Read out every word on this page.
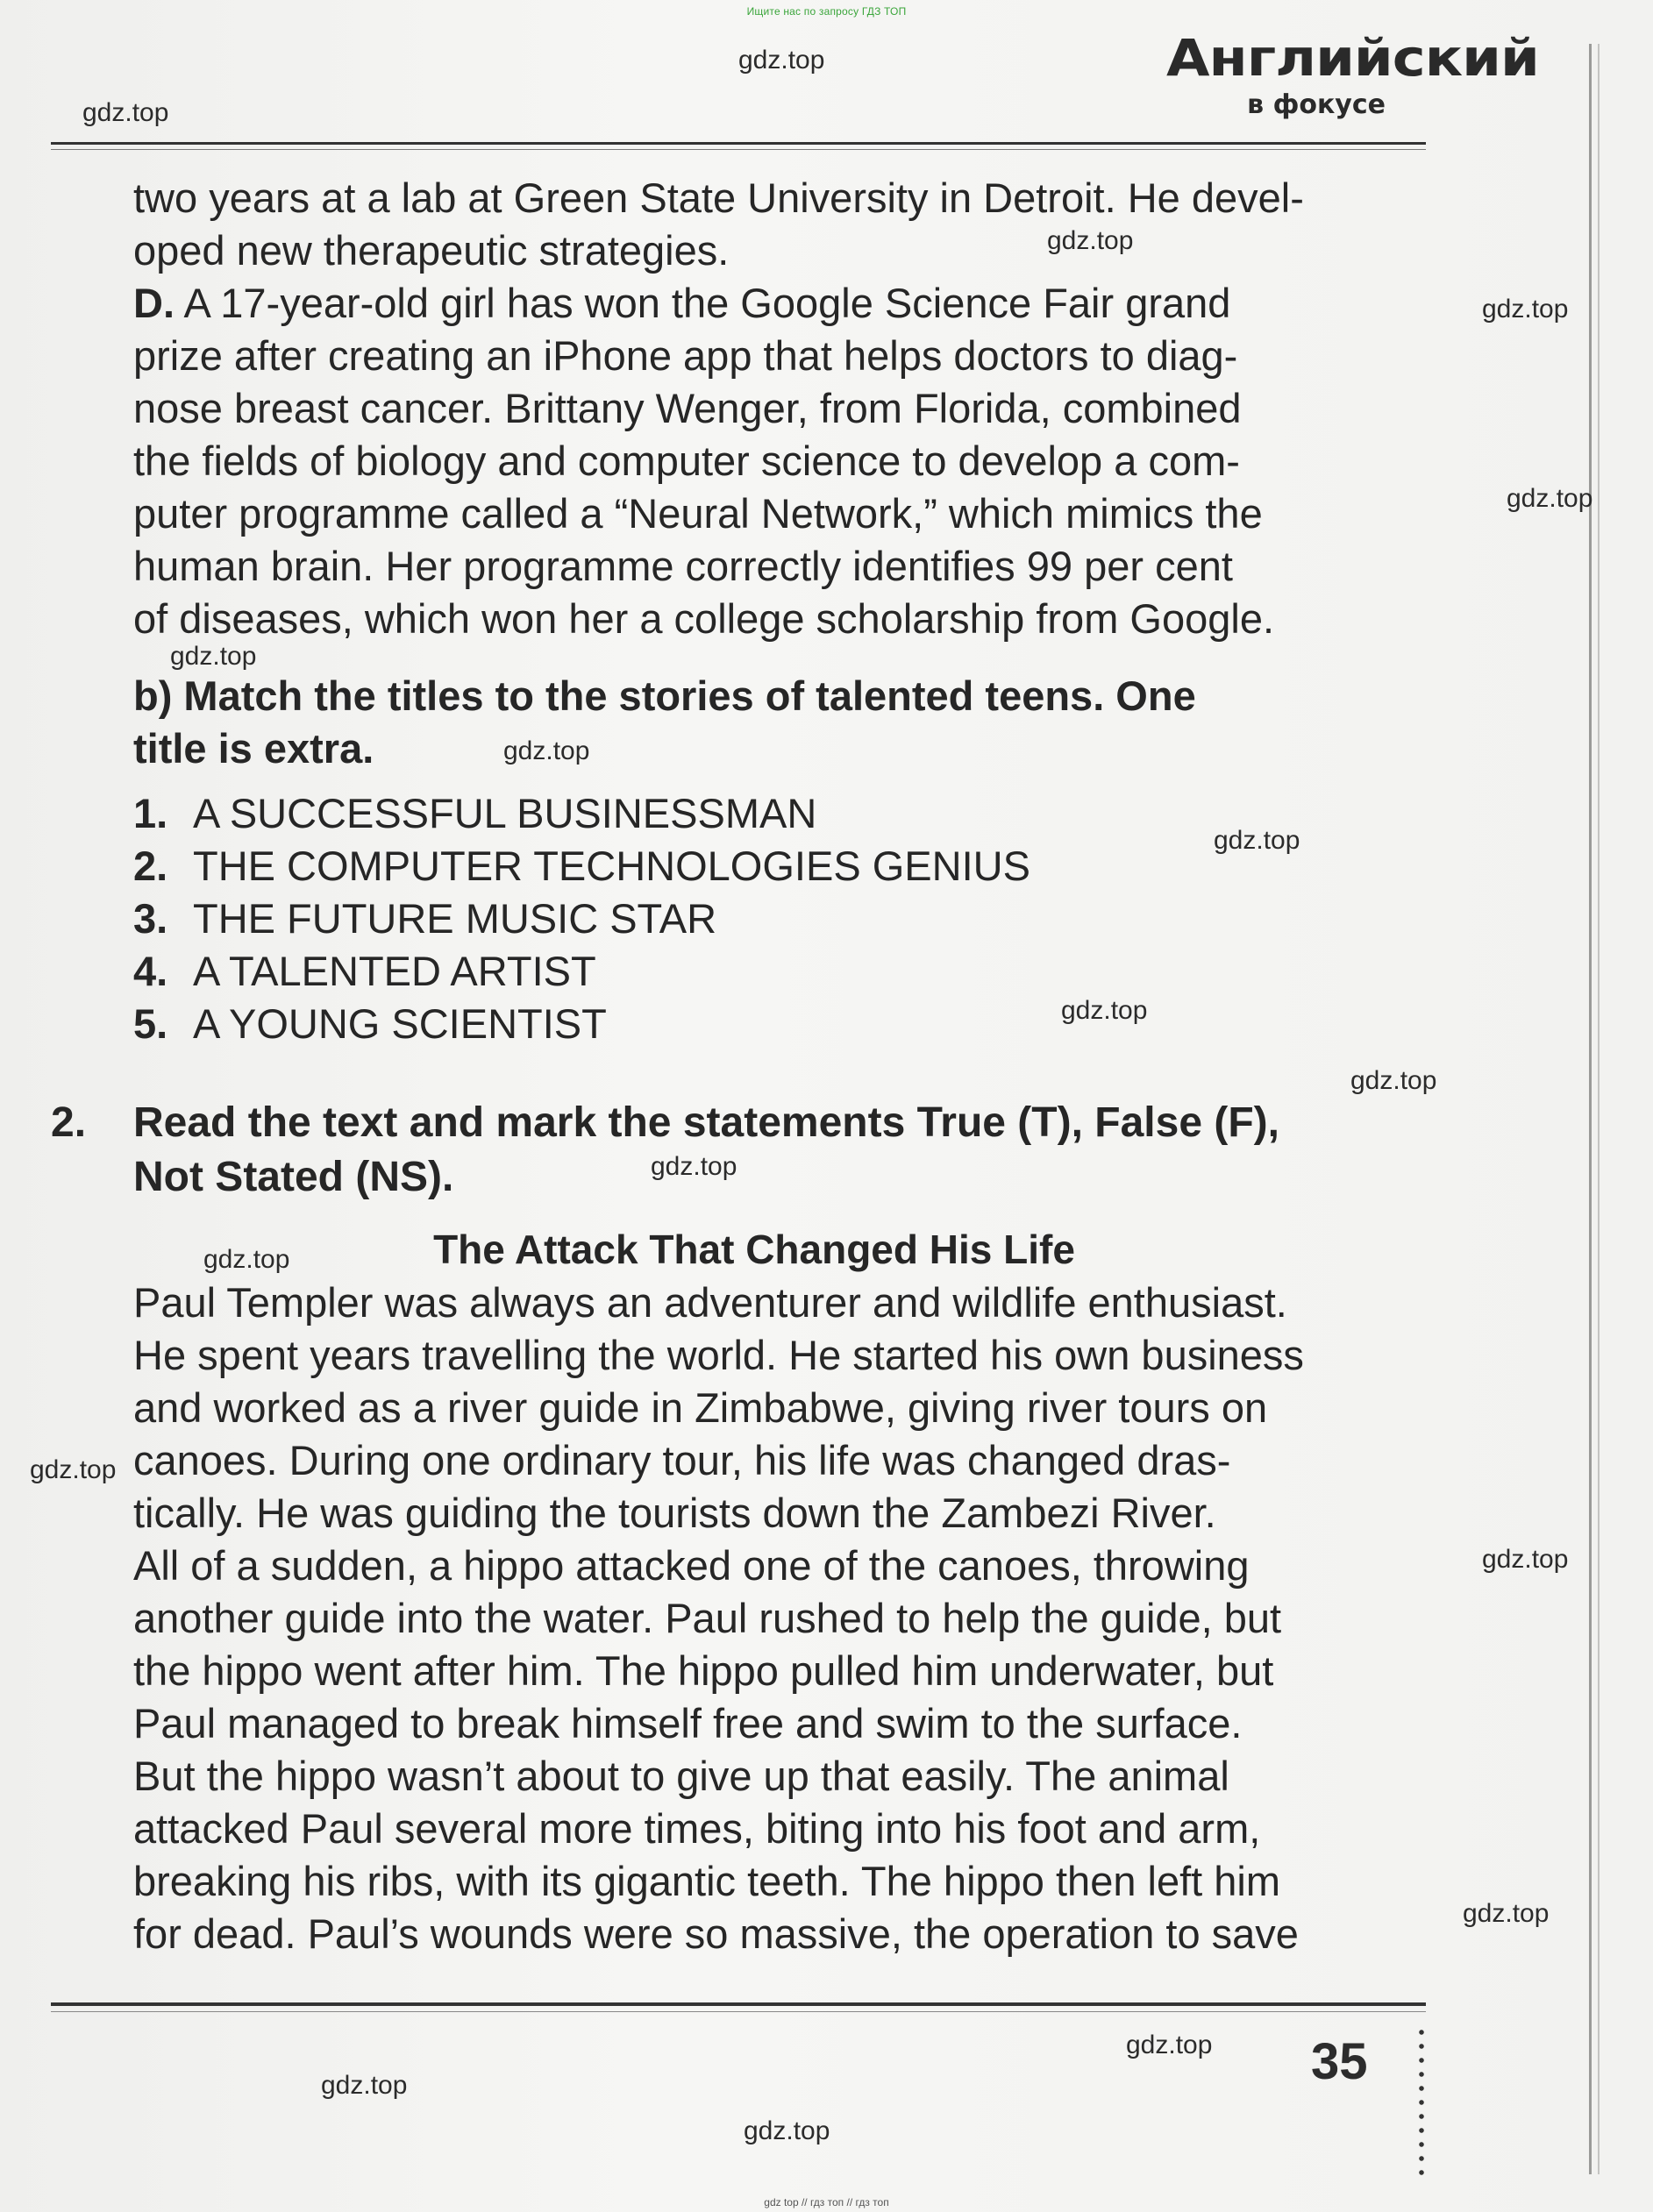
Ищите нас по запросу ГДЗ ТОП
Английский
в фокусе
two years at a lab at Green State University in Detroit. He devel-
oped new therapeutic strategies.
D. A 17-year-old girl has won the Google Science Fair grand
prize after creating an iPhone app that helps doctors to diag-
nose breast cancer. Brittany Wenger, from Florida, combined
the fields of biology and computer science to develop a com-
puter programme called a “Neural Network,” which mimics the
human brain. Her programme correctly identifies 99 per cent
of diseases, which won her a college scholarship from Google.
b) Match the titles to the stories of talented teens. One
title is extra.
1. A SUCCESSFUL BUSINESSMAN
2. THE COMPUTER TECHNOLOGIES GENIUS
3. THE FUTURE MUSIC STAR
4. A TALENTED ARTIST
5. A YOUNG SCIENTIST
2. Read the text and mark the statements True (T), False (F),
Not Stated (NS).
The Attack That Changed His Life
Paul Templer was always an adventurer and wildlife enthusiast.
He spent years travelling the world. He started his own business
and worked as a river guide in Zimbabwe, giving river tours on
canoes. During one ordinary tour, his life was changed dras-
tically. He was guiding the tourists down the Zambezi River.
All of a sudden, a hippo attacked one of the canoes, throwing
another guide into the water. Paul rushed to help the guide, but
the hippo went after him. The hippo pulled him underwater, but
Paul managed to break himself free and swim to the surface.
But the hippo wasn’t about to give up that easily. The animal
attacked Paul several more times, biting into his foot and arm,
breaking his ribs, with its gigantic teeth. The hippo then left him
for dead. Paul’s wounds were so massive, the operation to save
35
gdz.top
gdz.top
gdz.top
gdz.top
gdz.top
gdz.top
gdz.top
gdz.top
gdz.top
gdz.top
gdz.top
gdz.top
gdz.top
gdz.top
gdz.top
gdz.top
gdz.top
gdz.top
gdz top // гдз топ // гдз топ
